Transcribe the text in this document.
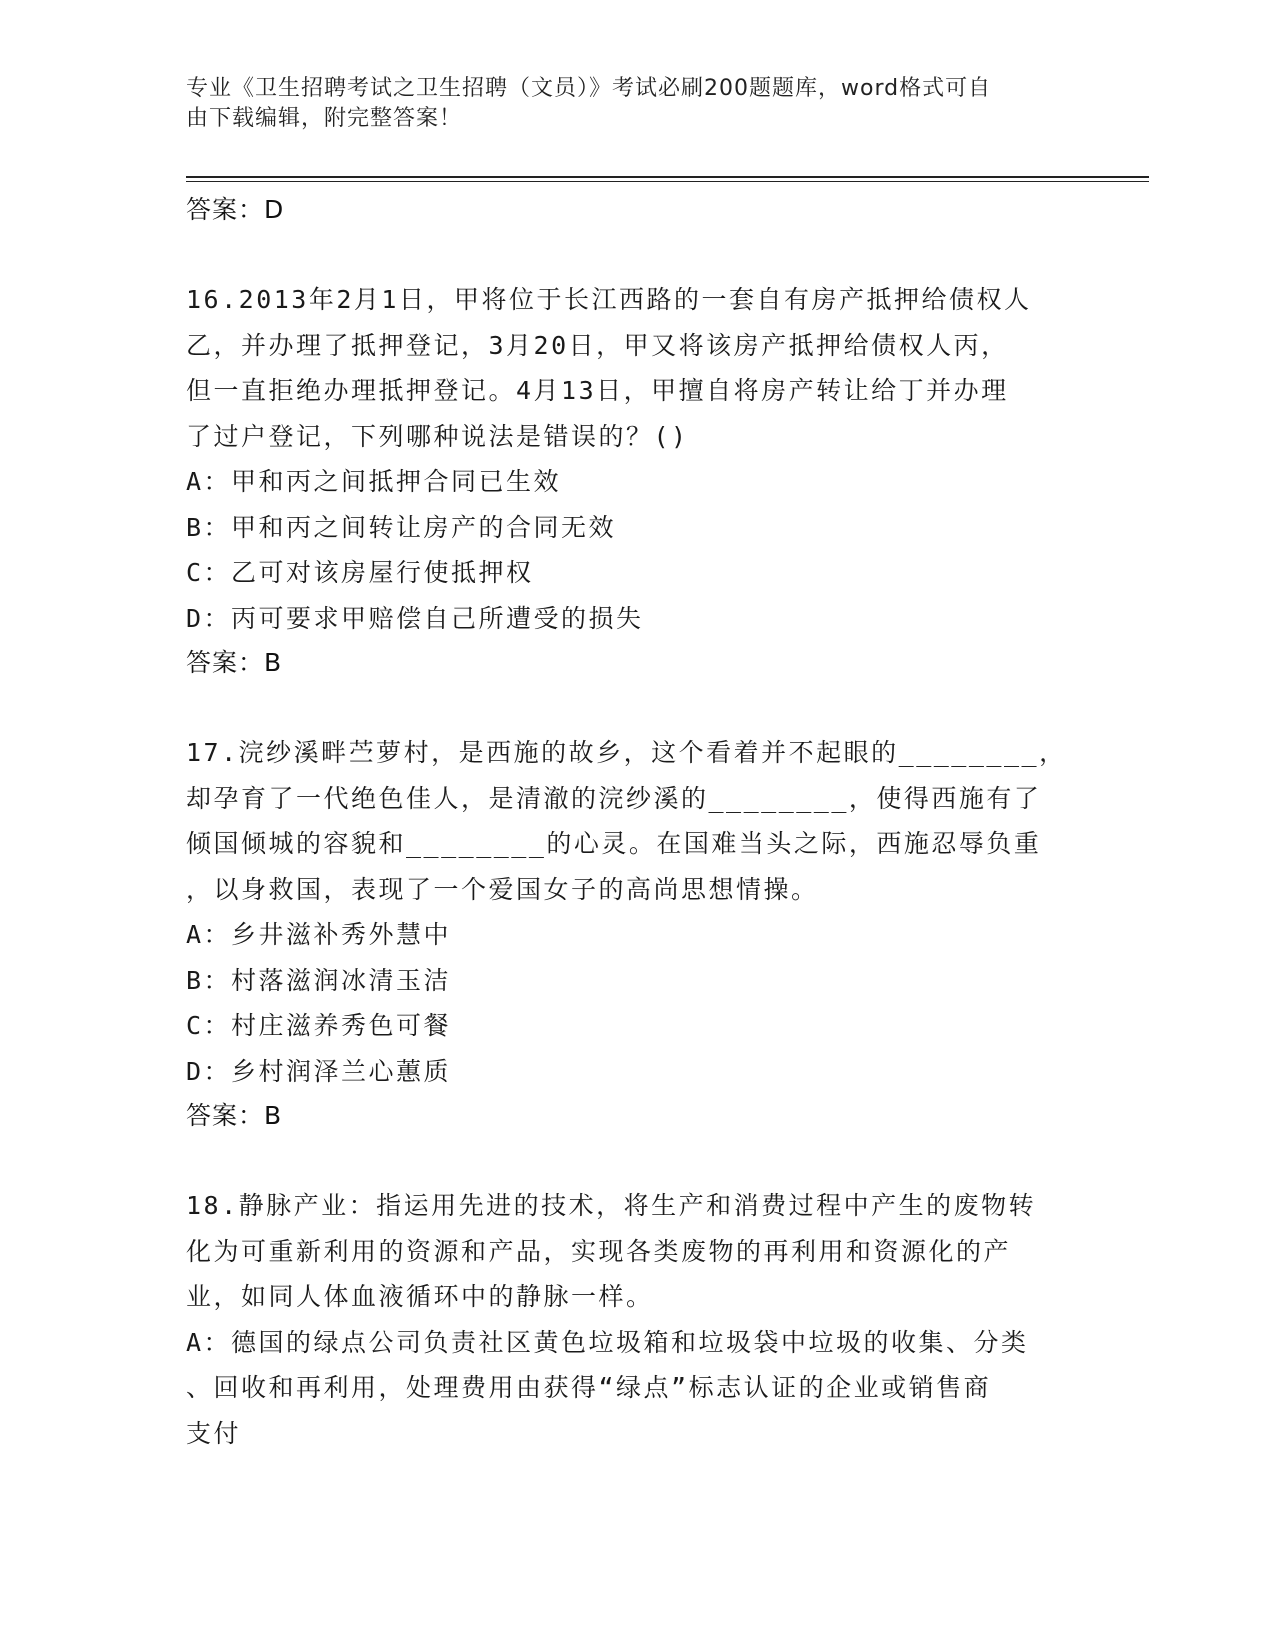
专业《卫生招聘考试之卫生招聘（文员）》考试必刷200题题库，word格式可自
由下载编辑，附完整答案！
答案：D
16.2013年2月1日，甲将位于长江西路的一套自有房产抵押给债权人
乙，并办理了抵押登记，3月20日，甲又将该房产抵押给债权人丙，
但一直拒绝办理抵押登记。4月13日，甲擅自将房产转让给丁并办理
了过户登记，下列哪种说法是错误的？()
A：甲和丙之间抵押合同已生效
B：甲和丙之间转让房产的合同无效
C：乙可对该房屋行使抵押权
D：丙可要求甲赔偿自己所遭受的损失
答案：B
17.浣纱溪畔苎萝村，是西施的故乡，这个看着并不起眼的________，
却孕育了一代绝色佳人，是清澈的浣纱溪的________，使得西施有了
倾国倾城的容貌和________的心灵。在国难当头之际，西施忍辱负重
，以身救国，表现了一个爱国女子的高尚思想情操。
A：乡井滋补秀外慧中
B：村落滋润冰清玉洁
C：村庄滋养秀色可餐
D：乡村润泽兰心蕙质
答案：B
18.静脉产业：指运用先进的技术，将生产和消费过程中产生的废物转
化为可重新利用的资源和产品，实现各类废物的再利用和资源化的产
业，如同人体血液循环中的静脉一样。
A：德国的绿点公司负责社区黄色垃圾箱和垃圾袋中垃圾的收集、分类
、回收和再利用，处理费用由获得“绿点”标志认证的企业或销售商
支付
